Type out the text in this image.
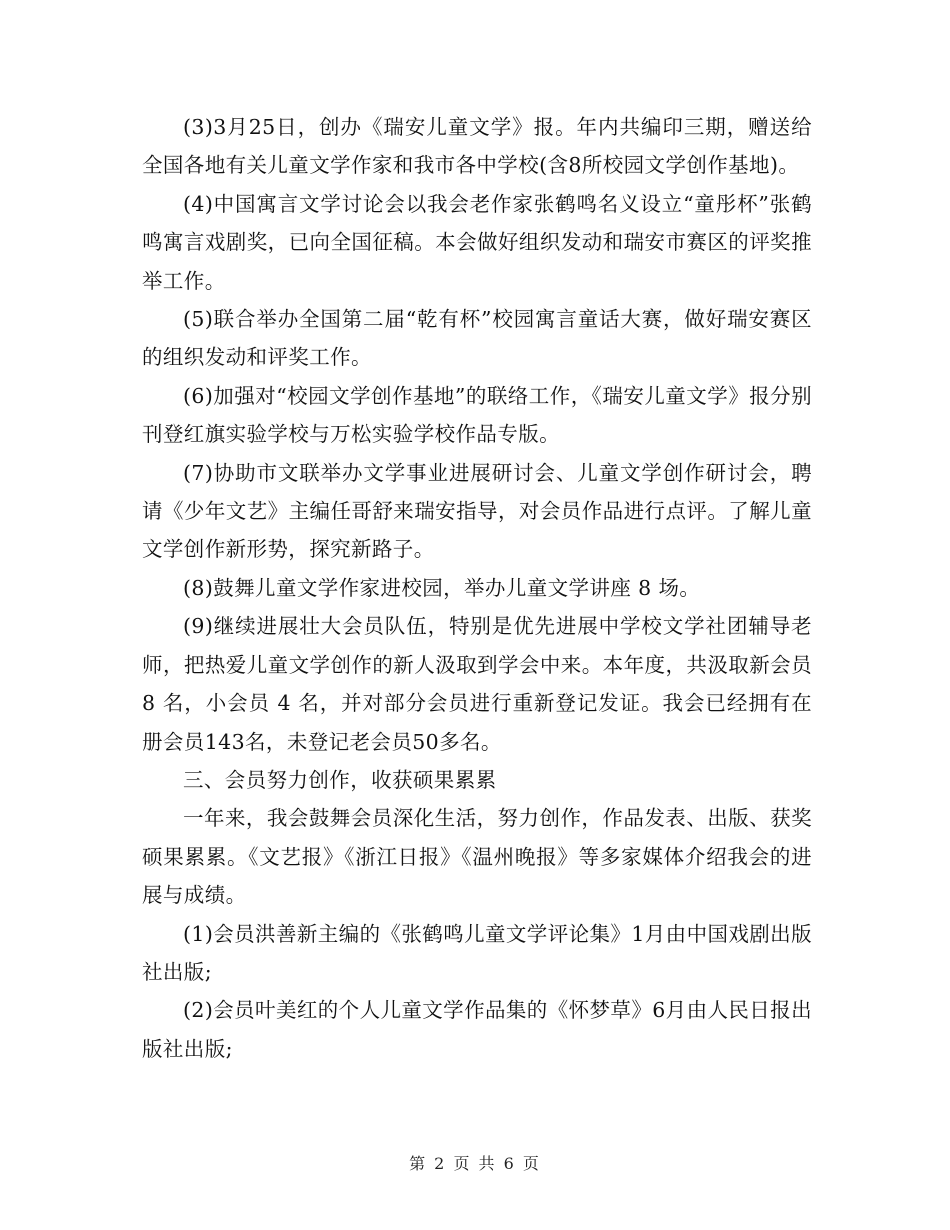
(3)3月25日，创办《瑞安儿童文学》报。年内共编印三期，赠送给全国各地有关儿童文学作家和我市各中学校(含8所校园文学创作基地)。

(4)中国寓言文学讨论会以我会老作家张鹤鸣名义设立“童彤杯”张鹤鸣寓言戏剧奖，已向全国征稿。本会做好组织发动和瑞安市赛区的评奖推举工作。

(5)联合举办全国第二届“乾有杯”校园寓言童话大赛，做好瑞安赛区的组织发动和评奖工作。

(6)加强对“校园文学创作基地”的联络工作，《瑞安儿童文学》报分别刊登红旗实验学校与万松实验学校作品专版。

(7)协助市文联举办文学事业进展研讨会、儿童文学创作研讨会，聘请《少年文艺》主编任哥舒来瑞安指导，对会员作品进行点评。了解儿童文学创作新形势，探究新路子。

(8)鼓舞儿童文学作家进校园，举办儿童文学讲座 8 场。

(9)继续进展壮大会员队伍，特别是优先进展中学校文学社团辅导老师，把热爱儿童文学创作的新人汲取到学会中来。本年度，共汲取新会员 8 名，小会员 4 名，并对部分会员进行重新登记发证。我会已经拥有在册会员143名，未登记老会员50多名。

三、会员努力创作，收获硕果累累

一年来，我会鼓舞会员深化生活，努力创作，作品发表、出版、获奖硕果累累。《文艺报》《浙江日报》《温州晚报》等多家媒体介绍我会的进展与成绩。

(1)会员洪善新主编的《张鹤鸣儿童文学评论集》1月由中国戏剧出版社出版;

(2)会员叶美红的个人儿童文学作品集的《怀梦草》6月由人民日报出版社出版;

第 2 页 共 6 页
